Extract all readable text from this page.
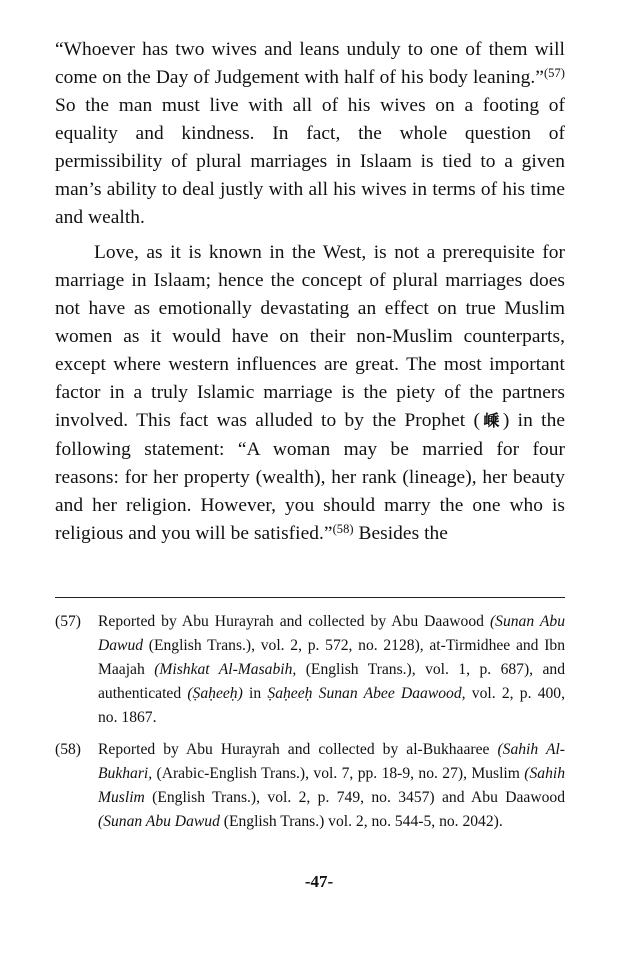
“Whoever has two wives and leans unduly to one of them will come on the Day of Judgement with half of his body leaning.”$^{(57)}$ So the man must live with all of his wives on a footing of equality and kindness. In fact, the whole question of permissibility of plural marriages in Islaam is tied to a given man’s ability to deal justly with all his wives in terms of his time and wealth.

Love, as it is known in the West, is not a prerequisite for marriage in Islaam; hence the concept of plural marriages does not have as emotionally devastating an effect on true Muslim women as it would have on their non-Muslim counterparts, except where western influences are great. The most important factor in a truly Islamic marriage is the piety of the partners involved. This fact was alluded to by the Prophet (嵊) in the following statement: “A woman may be married for four reasons: for her property (wealth), her rank (lineage), her beauty and her religion. However, you should marry the one who is religious and you will be satisfied.”$^{(58)}$ Besides the

(57) Reported by Abu Hurayrah and collected by Abu Daawood (Sunan Abu Dawud (English Trans.), vol. 2, p. 572, no. 2128), at-Tirmidhee and Ibn Maajah (Mishkat Al-Masabih, (English Trans.), vol. 1, p. 687), and authenticated (Ṣaḥeeḥ) in Ṣaḥeeḥ Sunan Abee Daawood, vol. 2, p. 400, no. 1867.
(58) Reported by Abu Hurayrah and collected by al-Bukhaaree (Sahih Al-Bukhari, (Arabic-English Trans.), vol. 7, pp. 18-9, no. 27), Muslim (Sahih Muslim (English Trans.), vol. 2, p. 749, no. 3457) and Abu Daawood (Sunan Abu Dawud (English Trans.) vol. 2, no. 544-5, no. 2042).
-47-
